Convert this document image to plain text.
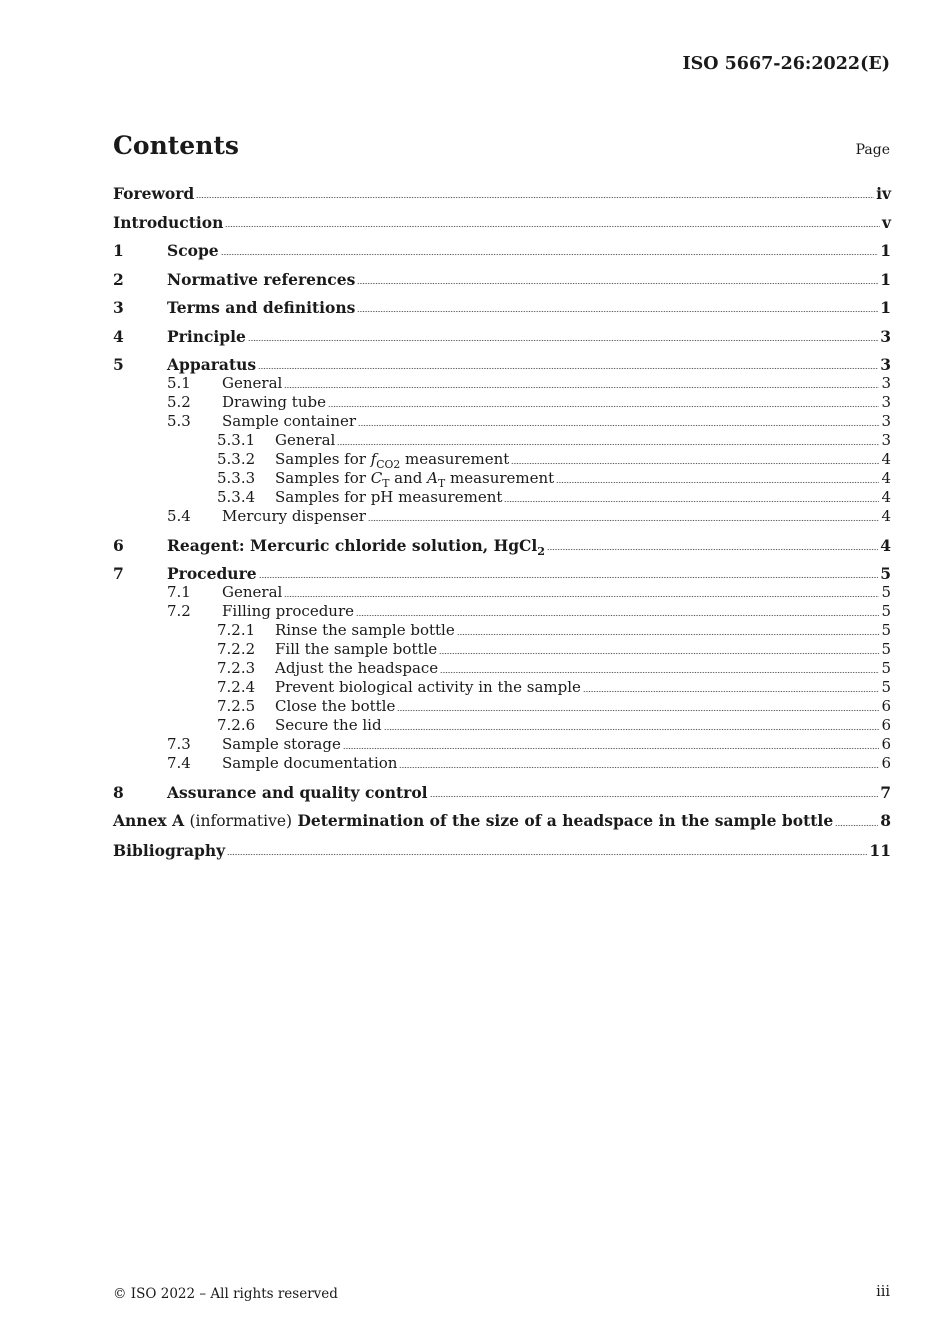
ISO 5667-26:2022(E)
Contents	Page
Foreword	iv
Introduction	v
1	Scope	1
2	Normative references	1
3	Terms and definitions	1
4	Principle	3
5	Apparatus	3
5.1	General	3
5.2	Drawing tube	3
5.3	Sample container	3
5.3.1	General	3
5.3.2	Samples for $f_{CO2}$ measurement	4
5.3.3	Samples for $C_T$ and $A_T$ measurement	4
5.3.4	Samples for pH measurement	4
5.4	Mercury dispenser	4
6	Reagent: Mercuric chloride solution, HgCl$_2$	4
7	Procedure	5
7.1	General	5
7.2	Filling procedure	5
7.2.1	Rinse the sample bottle	5
7.2.2	Fill the sample bottle	5
7.2.3	Adjust the headspace	5
7.2.4	Prevent biological activity in the sample	5
7.2.5	Close the bottle	6
7.2.6	Secure the lid	6
7.3	Sample storage	6
7.4	Sample documentation	6
8	Assurance and quality control	7
Annex A (informative) Determination of the size of a headspace in the sample bottle	8
Bibliography	11
© ISO 2022 – All rights reserved	iii
